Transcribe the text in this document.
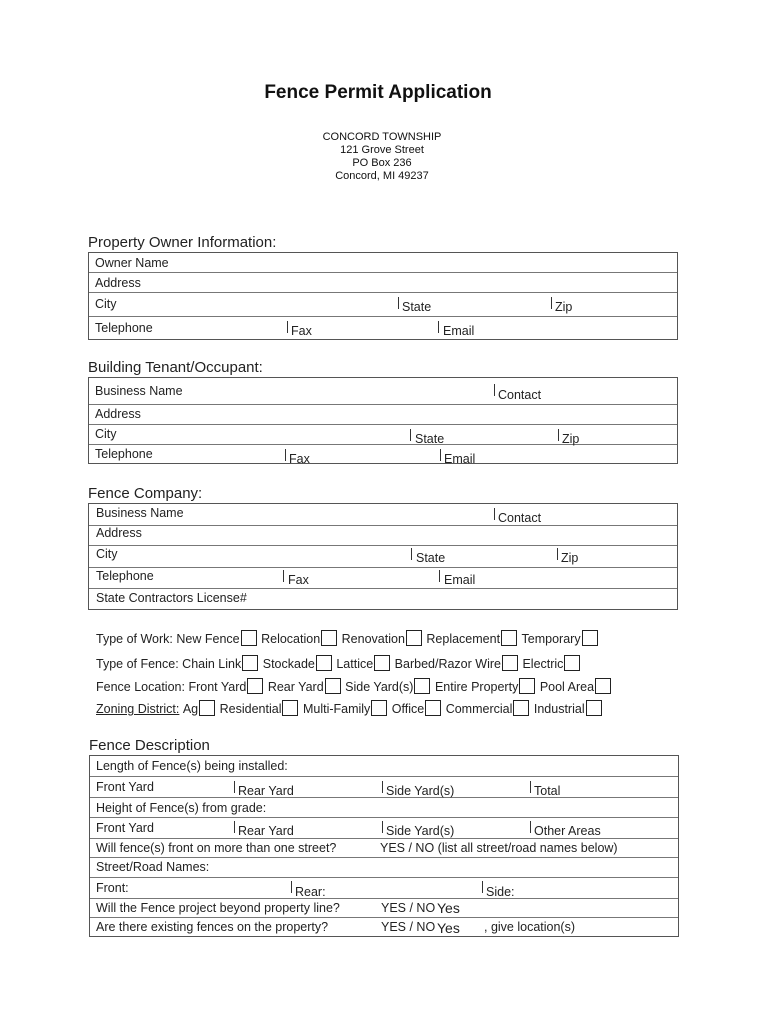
Fence Permit Application
CONCORD TOWNSHIP
121 Grove Street
PO Box 236
Concord, MI 49237
Property Owner Information:
Owner Name
Address
City	State	Zip
Telephone	Fax	Email
Building Tenant/Occupant:
Business Name	Contact
Address
City	State	Zip
Telephone	Fax	Email
Fence Company:
Business Name	Contact
Address
City	State	Zip
Telephone	Fax	Email
State Contractors License#
Type of Work: New Fence Relocation Renovation Replacement Temporary
Type of Fence: Chain Link Stockade Lattice Barbed/Razor Wire Electric
Fence Location: Front Yard Rear Yard Side Yard(s) Entire Property Pool Area
Zoning District: Ag Residential Multi-Family Office Commercial Industrial
Fence Description
Length of Fence(s) being installed:
Front Yard	Rear Yard	Side Yard(s)	Total
Height of Fence(s) from grade:
Front Yard	Rear Yard	Side Yard(s)	Other Areas
Will fence(s) front on more than one street?	YES / NO (list all street/road names below)
Street/Road Names:
Front:	Rear:	Side:
Will the Fence project beyond property line?	YES / NO Yes
Are there existing fences on the property?	YES / NO Yes , give location(s)
